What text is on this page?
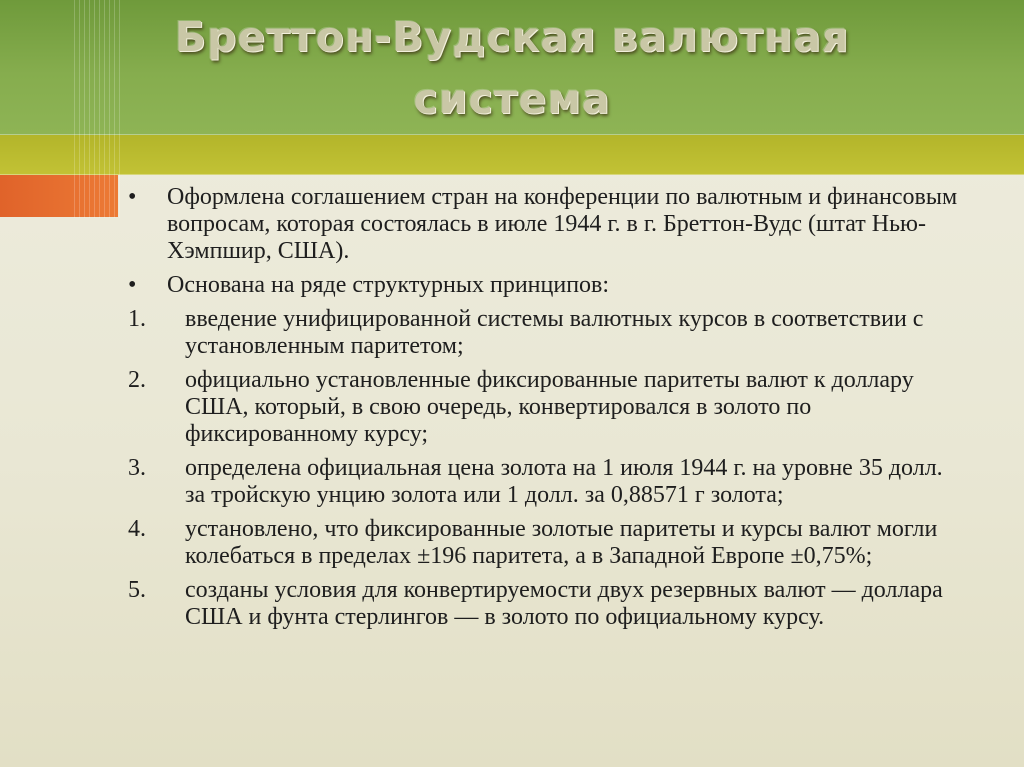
Бреттон-Вудская валютная
система
•	Оформлена соглашением стран на конференции по валютным и финансовым вопросам, которая состоялась в июле 1944 г. в г. Бреттон-Вудс (штат Нью-Хэмпшир, США).
•	Основана на ряде структурных принципов:
1.	введение унифицированной системы валютных курсов в соответствии с установленным паритетом;
2.	официально установленные фиксированные паритеты валют к доллару США, который, в свою очередь, конвертировался в золото по фиксированному курсу;
3.	определена официальная цена золота на 1 июля 1944 г. на уровне 35 долл. за тройскую унцию золота или 1 долл. за 0,88571 г золота;
4.	установлено, что фиксированные золотые паритеты и курсы валют могли колебаться в пределах ±196 паритета, а в Западной Европе ±0,75%;
5.	созданы условия для конвертируемости двух резервных валют — доллара США и фунта стерлингов — в золото по официальному курсу.
